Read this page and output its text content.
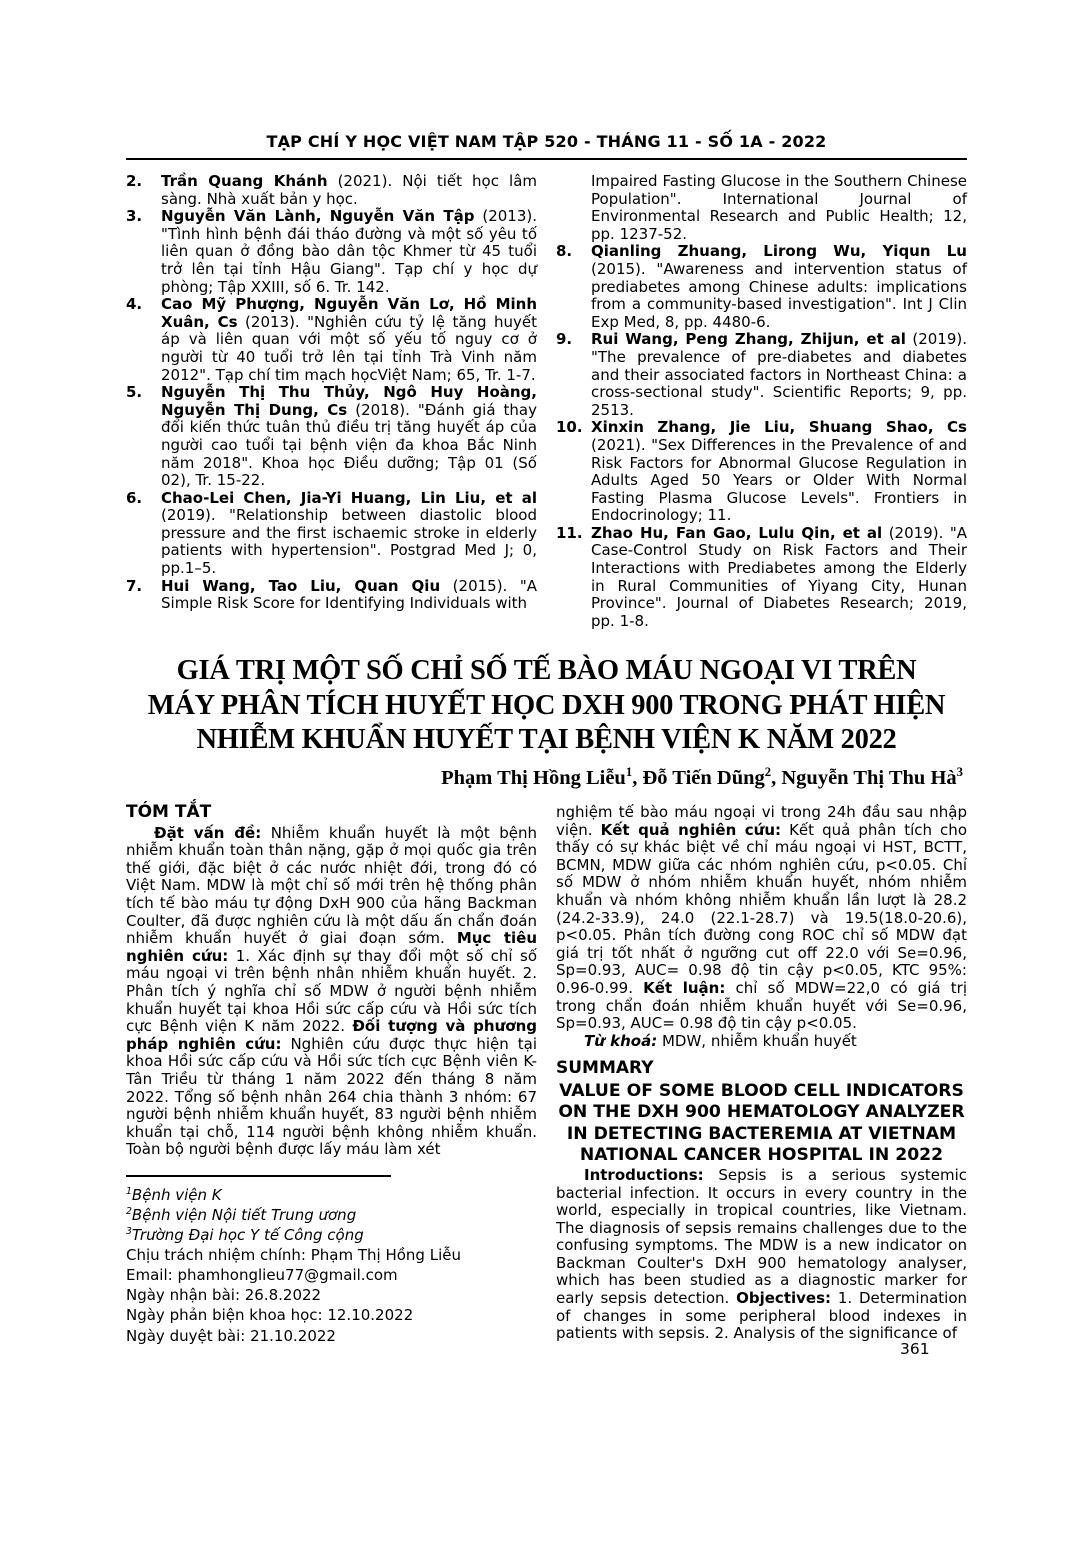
TẠP CHÍ Y HỌC VIỆT NAM TẬP 520 - THÁNG 11 - SỐ 1A - 2022
2. Trần Quang Khánh (2021). Nội tiết học lâm sàng. Nhà xuất bản y học.
3. Nguyễn Văn Lành, Nguyễn Văn Tập (2013). "Tình hình bệnh đái tháo đường và một số yêu tố liên quan ở đồng bào dân tộc Khmer từ 45 tuổi trở lên tại tỉnh Hậu Giang". Tạp chí y học dự phòng; Tập XXIII, số 6. Tr. 142.
4. Cao Mỹ Phượng, Nguyễn Văn Lơ, Hồ Minh Xuân, Cs (2013). "Nghiên cứu tỷ lệ tăng huyết áp và liên quan với một số yếu tố nguy cơ ở người từ 40 tuổi trở lên tại tỉnh Trà Vinh năm 2012". Tạp chí tim mạch họcViệt Nam; 65, Tr. 1-7.
5. Nguyễn Thị Thu Thủy, Ngô Huy Hoàng, Nguyễn Thị Dung, Cs (2018). "Đánh giá thay đổi kiến thức tuân thủ điều trị tăng huyết áp của người cao tuổi tại bệnh viện đa khoa Bắc Ninh năm 2018". Khoa học Điều dưỡng; Tập 01 (Số 02), Tr. 15-22.
6. Chao-Lei Chen, Jia-Yi Huang, Lin Liu, et al (2019). "Relationship between diastolic blood pressure and the first ischaemic stroke in elderly patients with hypertension". Postgrad Med J; 0, pp.1–5.
7. Hui Wang, Tao Liu, Quan Qiu (2015). "A Simple Risk Score for Identifying Individuals with
Impaired Fasting Glucose in the Southern Chinese Population". International Journal of Environmental Research and Public Health; 12, pp. 1237-52.
8. Qianling Zhuang, Lirong Wu, Yiqun Lu (2015). "Awareness and intervention status of prediabetes among Chinese adults: implications from a community-based investigation". Int J Clin Exp Med, 8, pp. 4480-6.
9. Rui Wang, Peng Zhang, Zhijun, et al (2019). "The prevalence of pre-diabetes and diabetes and their associated factors in Northeast China: a cross-sectional study". Scientific Reports; 9, pp. 2513.
10. Xinxin Zhang, Jie Liu, Shuang Shao, Cs (2021). "Sex Differences in the Prevalence of and Risk Factors for Abnormal Glucose Regulation in Adults Aged 50 Years or Older With Normal Fasting Plasma Glucose Levels". Frontiers in Endocrinology; 11.
11. Zhao Hu, Fan Gao, Lulu Qin, et al (2019). "A Case-Control Study on Risk Factors and Their Interactions with Prediabetes among the Elderly in Rural Communities of Yiyang City, Hunan Province". Journal of Diabetes Research; 2019, pp. 1-8.
GIÁ TRỊ MỘT SỐ CHỈ SỐ TẾ BÀO MÁU NGOẠI VI TRÊN
MÁY PHÂN TÍCH HUYẾT HỌC DXH 900 TRONG PHÁT HIỆN
NHIỄM KHUẨN HUYẾT TẠI BỆNH VIỆN K NĂM 2022
Phạm Thị Hồng Liễu$^1$, Đỗ Tiến Dũng$^2$, Nguyễn Thị Thu $Hà^3$
TÓM TẮT

Đặt vấn đề: Nhiễm khuẩn huyết là một bệnh nhiễm khuẩn toàn thân nặng, gặp ở mọi quốc gia trên thế giới, đặc biệt ở các nước nhiệt đới, trong đó có Việt Nam. MDW là một chỉ số mới trên hệ thống phân tích tế bào máu tự động DxH 900 của hãng Backman Coulter, đã được nghiên cứu là một dấu ấn chẩn đoán nhiễm khuẩn huyết ở giai đoạn sớm. Mục tiêu nghiên cứu: 1. Xác định sự thay đổi một số chỉ số máu ngoại vi trên bệnh nhân nhiễm khuẩn huyết. 2. Phân tích ý nghĩa chỉ số MDW ở người bệnh nhiễm khuẩn huyết tại khoa Hồi sức cấp cứu và Hồi sức tích cực Bệnh viện K năm 2022. Đối tượng và phương pháp nghiên cứu: Nghiên cứu được thực hiện tại khoa Hồi sức cấp cứu và Hồi sức tích cực Bệnh viên K-Tân Triều từ tháng 1 năm 2022 đến tháng 8 năm 2022. Tổng số bệnh nhân 264 chia thành 3 nhóm: 67 người bệnh nhiễm khuẩn huyết, 83 người bệnh nhiễm khuẩn tại chỗ, 114 người bệnh không nhiễm khuẩn. Toàn bộ người bệnh được lấy máu làm xét

$^1$Bệnh viện K
$^2$Bệnh viện Nội tiết Trung ương
$^3$Trường Đại học Y tế Công cộng
Chịu trách nhiệm chính: Phạm Thị Hồng Liễu
Email: phamhonglieu77@gmail.com
Ngày nhận bài: 26.8.2022
Ngày phản biện khoa học: 12.10.2022
Ngày duyệt bài: 21.10.2022

nghiệm tế bào máu ngoại vi trong 24h đầu sau nhập viện. Kết quả nghiên cứu: Kết quả phân tích cho thấy có sự khác biệt về chỉ máu ngoại vi HST, BCTT, BCMN, MDW giữa các nhóm nghiên cứu, p<0.05. Chỉ số MDW ở nhóm nhiễm khuẩn huyết, nhóm nhiễm khuẩn và nhóm không nhiễm khuẩn lần lượt là 28.2 (24.2-33.9), 24.0 (22.1-28.7) và 19.5(18.0-20.6), p<0.05. Phân tích đường cong ROC chỉ số MDW đạt giá trị tốt nhất ở ngưỡng cut off 22.0 với Se=0.96, Sp=0.93, AUC= 0.98 độ tin cậy p<0.05, KTC 95%: 0.96-0.99. Kết luận: chỉ số MDW=22,0 có giá trị trong chẩn đoán nhiễm khuẩn huyết với Se=0.96, Sp=0.93, AUC= 0.98 độ tin cậy p<0.05.

Từ khoá: MDW, nhiễm khuẩn huyết

SUMMARY
VALUE OF SOME BLOOD CELL INDICATORS
ON THE DXH 900 HEMATOLOGY ANALYZER
IN DETECTING BACTEREMIA AT VIETNAM
NATIONAL CANCER HOSPITAL IN 2022

Introductions: Sepsis is a serious systemic bacterial infection. It occurs in every country in the world, especially in tropical countries, like Vietnam. The diagnosis of sepsis remains challenges due to the confusing symptoms. The MDW is a new indicator on Backman Coulter's DxH 900 hematology analyser, which has been studied as a diagnostic marker for early sepsis detection. Objectives: 1. Determination of changes in some peripheral blood indexes in patients with sepsis. 2. Analysis of the significance of

361
